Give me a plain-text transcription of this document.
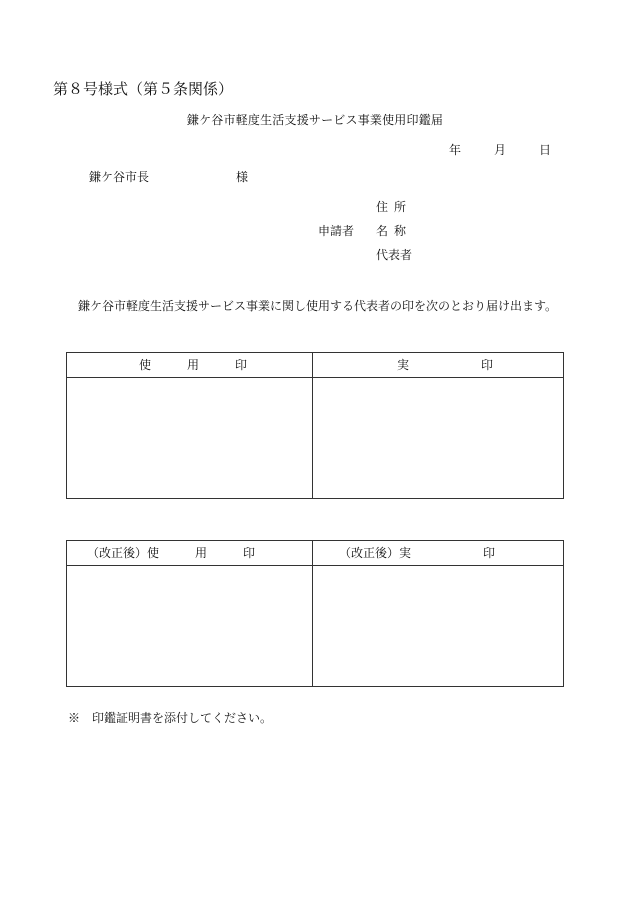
第８号様式（第５条関係）
鎌ケ谷市軽度生活支援サービス事業使用印鑑届
年	月	日
鎌ケ谷市長	様
申請者
住所
名称
代表者
鎌ケ谷市軽度生活支援サービス事業に関し使用する代表者の印を次のとおり届け出ます。
使　　　用　　　印	実　　　　　　印
（改正後）使　　　用　　　印	（改正後）実　　　　　　印
※　印鑑証明書を添付してください。
